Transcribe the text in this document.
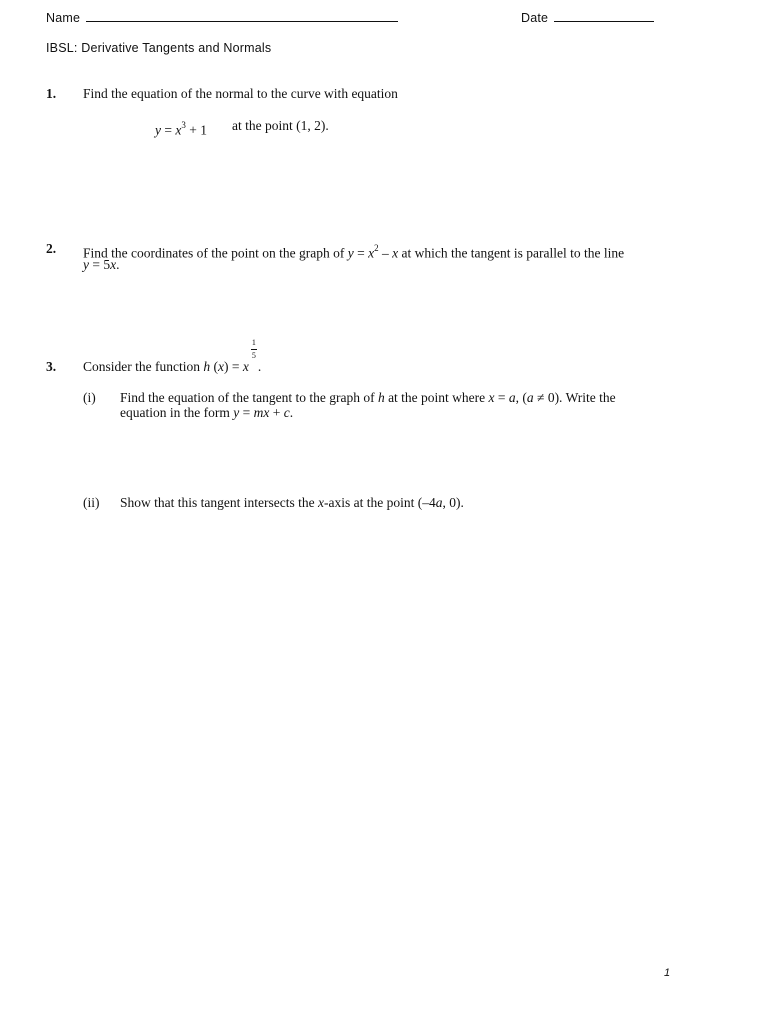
Name	Date
IBSL: Derivative Tangents and Normals
1. Find the equation of the normal to the curve with equation
$y = x^3 + 1$ at the point (1, 2).
2. Find the coordinates of the point on the graph of $y = x^2 - x$ at which the tangent is parallel to the line
y = 5x.
3. Consider the function h (x) = x $\frac{1}{5}$ .
(i) Find the equation of the tangent to the graph of h at the point where x = a, (a ≠ 0). Write the
equation in the form y = mx + c.
(ii) Show that this tangent intersects the x-axis at the point (–4a, 0).
1
